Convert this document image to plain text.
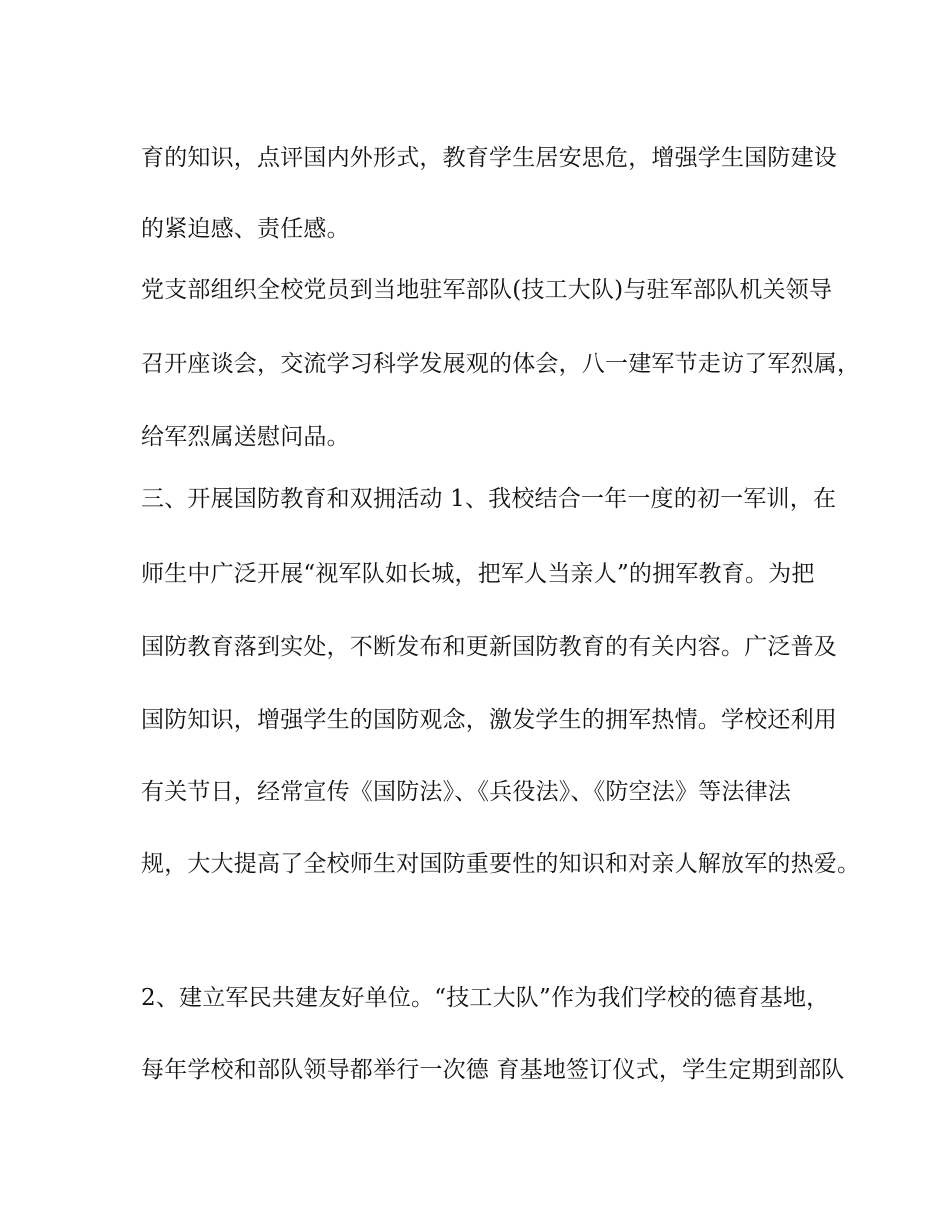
育的知识，点评国内外形式，教育学生居安思危，增强学生国防建设
的紧迫感、责任感。
党支部组织全校党员到当地驻军部队(技工大队)与驻军部队机关领导
召开座谈会，交流学习科学发展观的体会，八一建军节走访了军烈属，
给军烈属送慰问品。
三、开展国防教育和双拥活动 1、我校结合一年一度的初一军训，在
师生中广泛开展“视军队如长城，把军人当亲人”的拥军教育。为把
国防教育落到实处，不断发布和更新国防教育的有关内容。广泛普及
国防知识，增强学生的国防观念，激发学生的拥军热情。学校还利用
有关节日，经常宣传《国防法》、《兵役法》、《防空法》等法律法
规，大大提高了全校师生对国防重要性的知识和对亲人解放军的热爱。
2、建立军民共建友好单位。“技工大队”作为我们学校的德育基地，
每年学校和部队领导都举行一次德 育基地签订仪式，学生定期到部队
